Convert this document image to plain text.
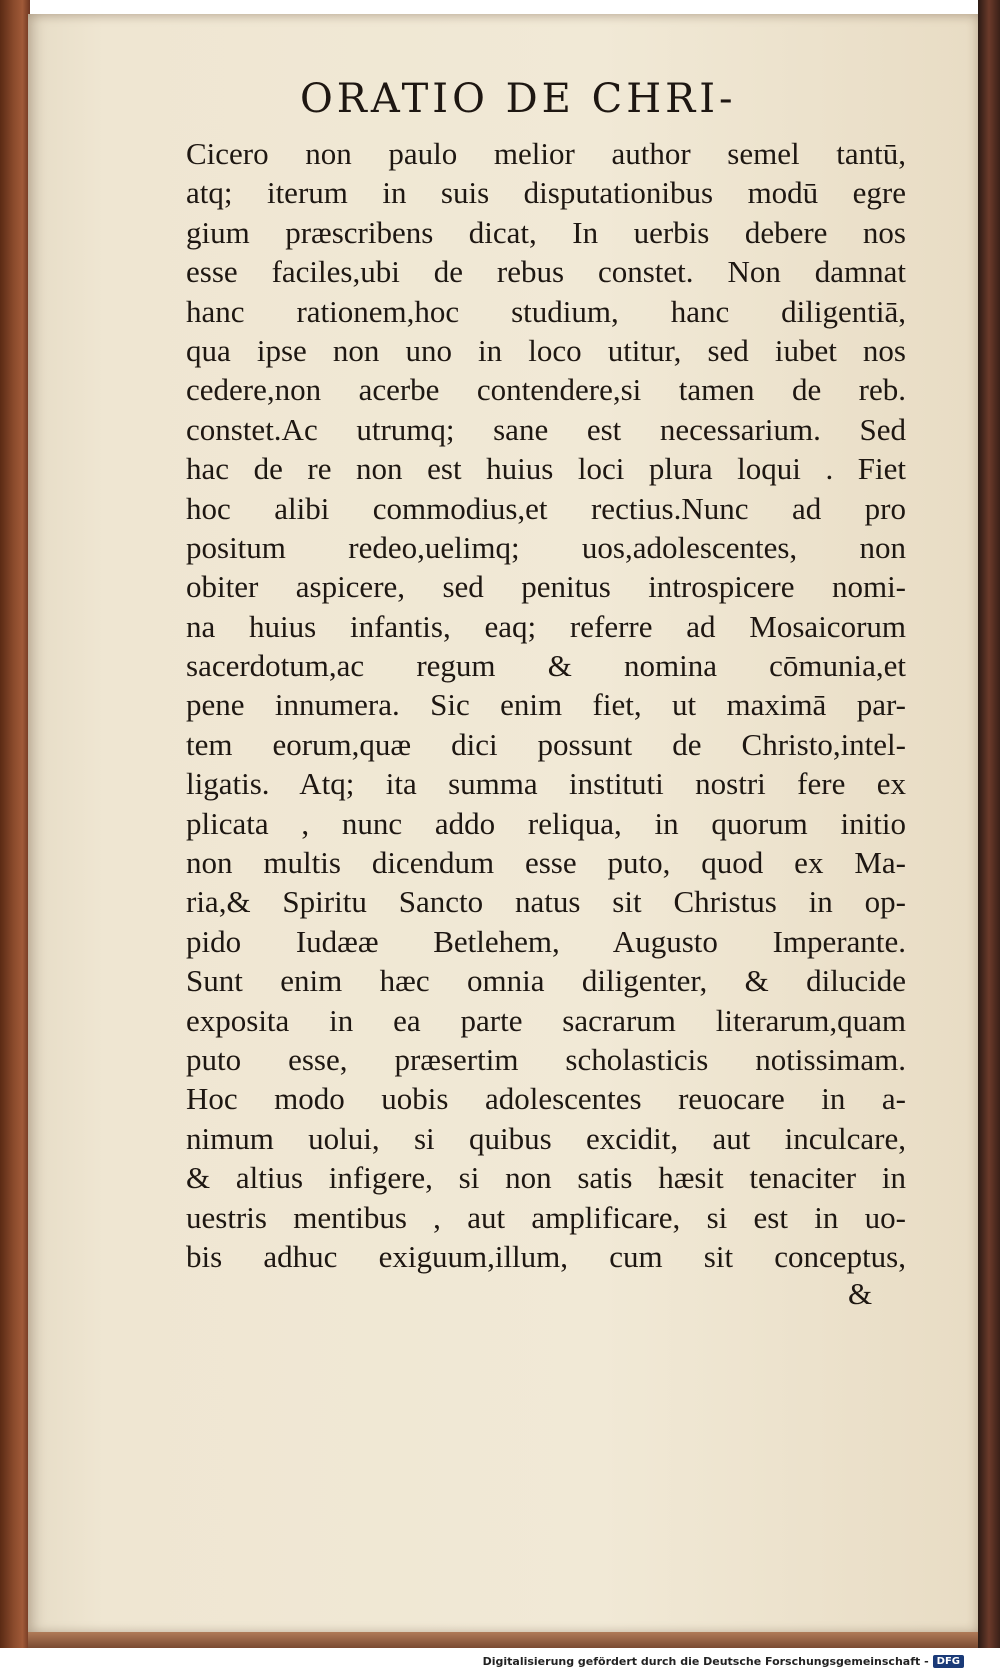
ORATIO DE CHRI-
Cicero non paulo melior author semel tantū,
atq; iterum in suis disputationibus modū egre
gium præscribens dicat, In uerbis debere nos
esse faciles,ubi de rebus constet. Non damnat
hanc rationem,hoc studium, hanc diligentiā,
qua ipse non uno in loco utitur, sed iubet nos
cedere,non acerbe contendere,si tamen de reb.
constet.Ac utrumq; sane est necessarium. Sed
hac de re non est huius loci plura loqui . Fiet
hoc alibi commodius,et rectius.Nunc ad pro
positum redeo,uelimq; uos,adolescentes, non
obiter aspicere, sed penitus introspicere nomi-
na huius infantis, eaq; referre ad Mosaicorum
sacerdotum,ac regum & nomina cōmunia,et
pene innumera. Sic enim fiet, ut maximā par-
tem eorum,quæ dici possunt de Christo,intel-
ligatis. Atq; ita summa instituti nostri fere ex
plicata , nunc addo reliqua, in quorum initio
non multis dicendum esse puto, quod ex Ma-
ria,& Spiritu Sancto natus sit Christus in op-
pido Iudææ Betlehem, Augusto Imperante.
Sunt enim hæc omnia diligenter, & dilucide
exposita in ea parte sacrarum literarum,quam
puto esse, præsertim scholasticis notissimam.
Hoc modo uobis adolescentes reuocare in a-
nimum uolui, si quibus excidit, aut inculcare,
& altius infigere, si non satis hæsit tenaciter in
uestris mentibus , aut amplificare, si est in uo-
bis adhuc exiguum,illum, cum sit conceptus,
&
Digitalisierung gefördert durch die Deutsche Forschungsgemeinschaft - DFG
